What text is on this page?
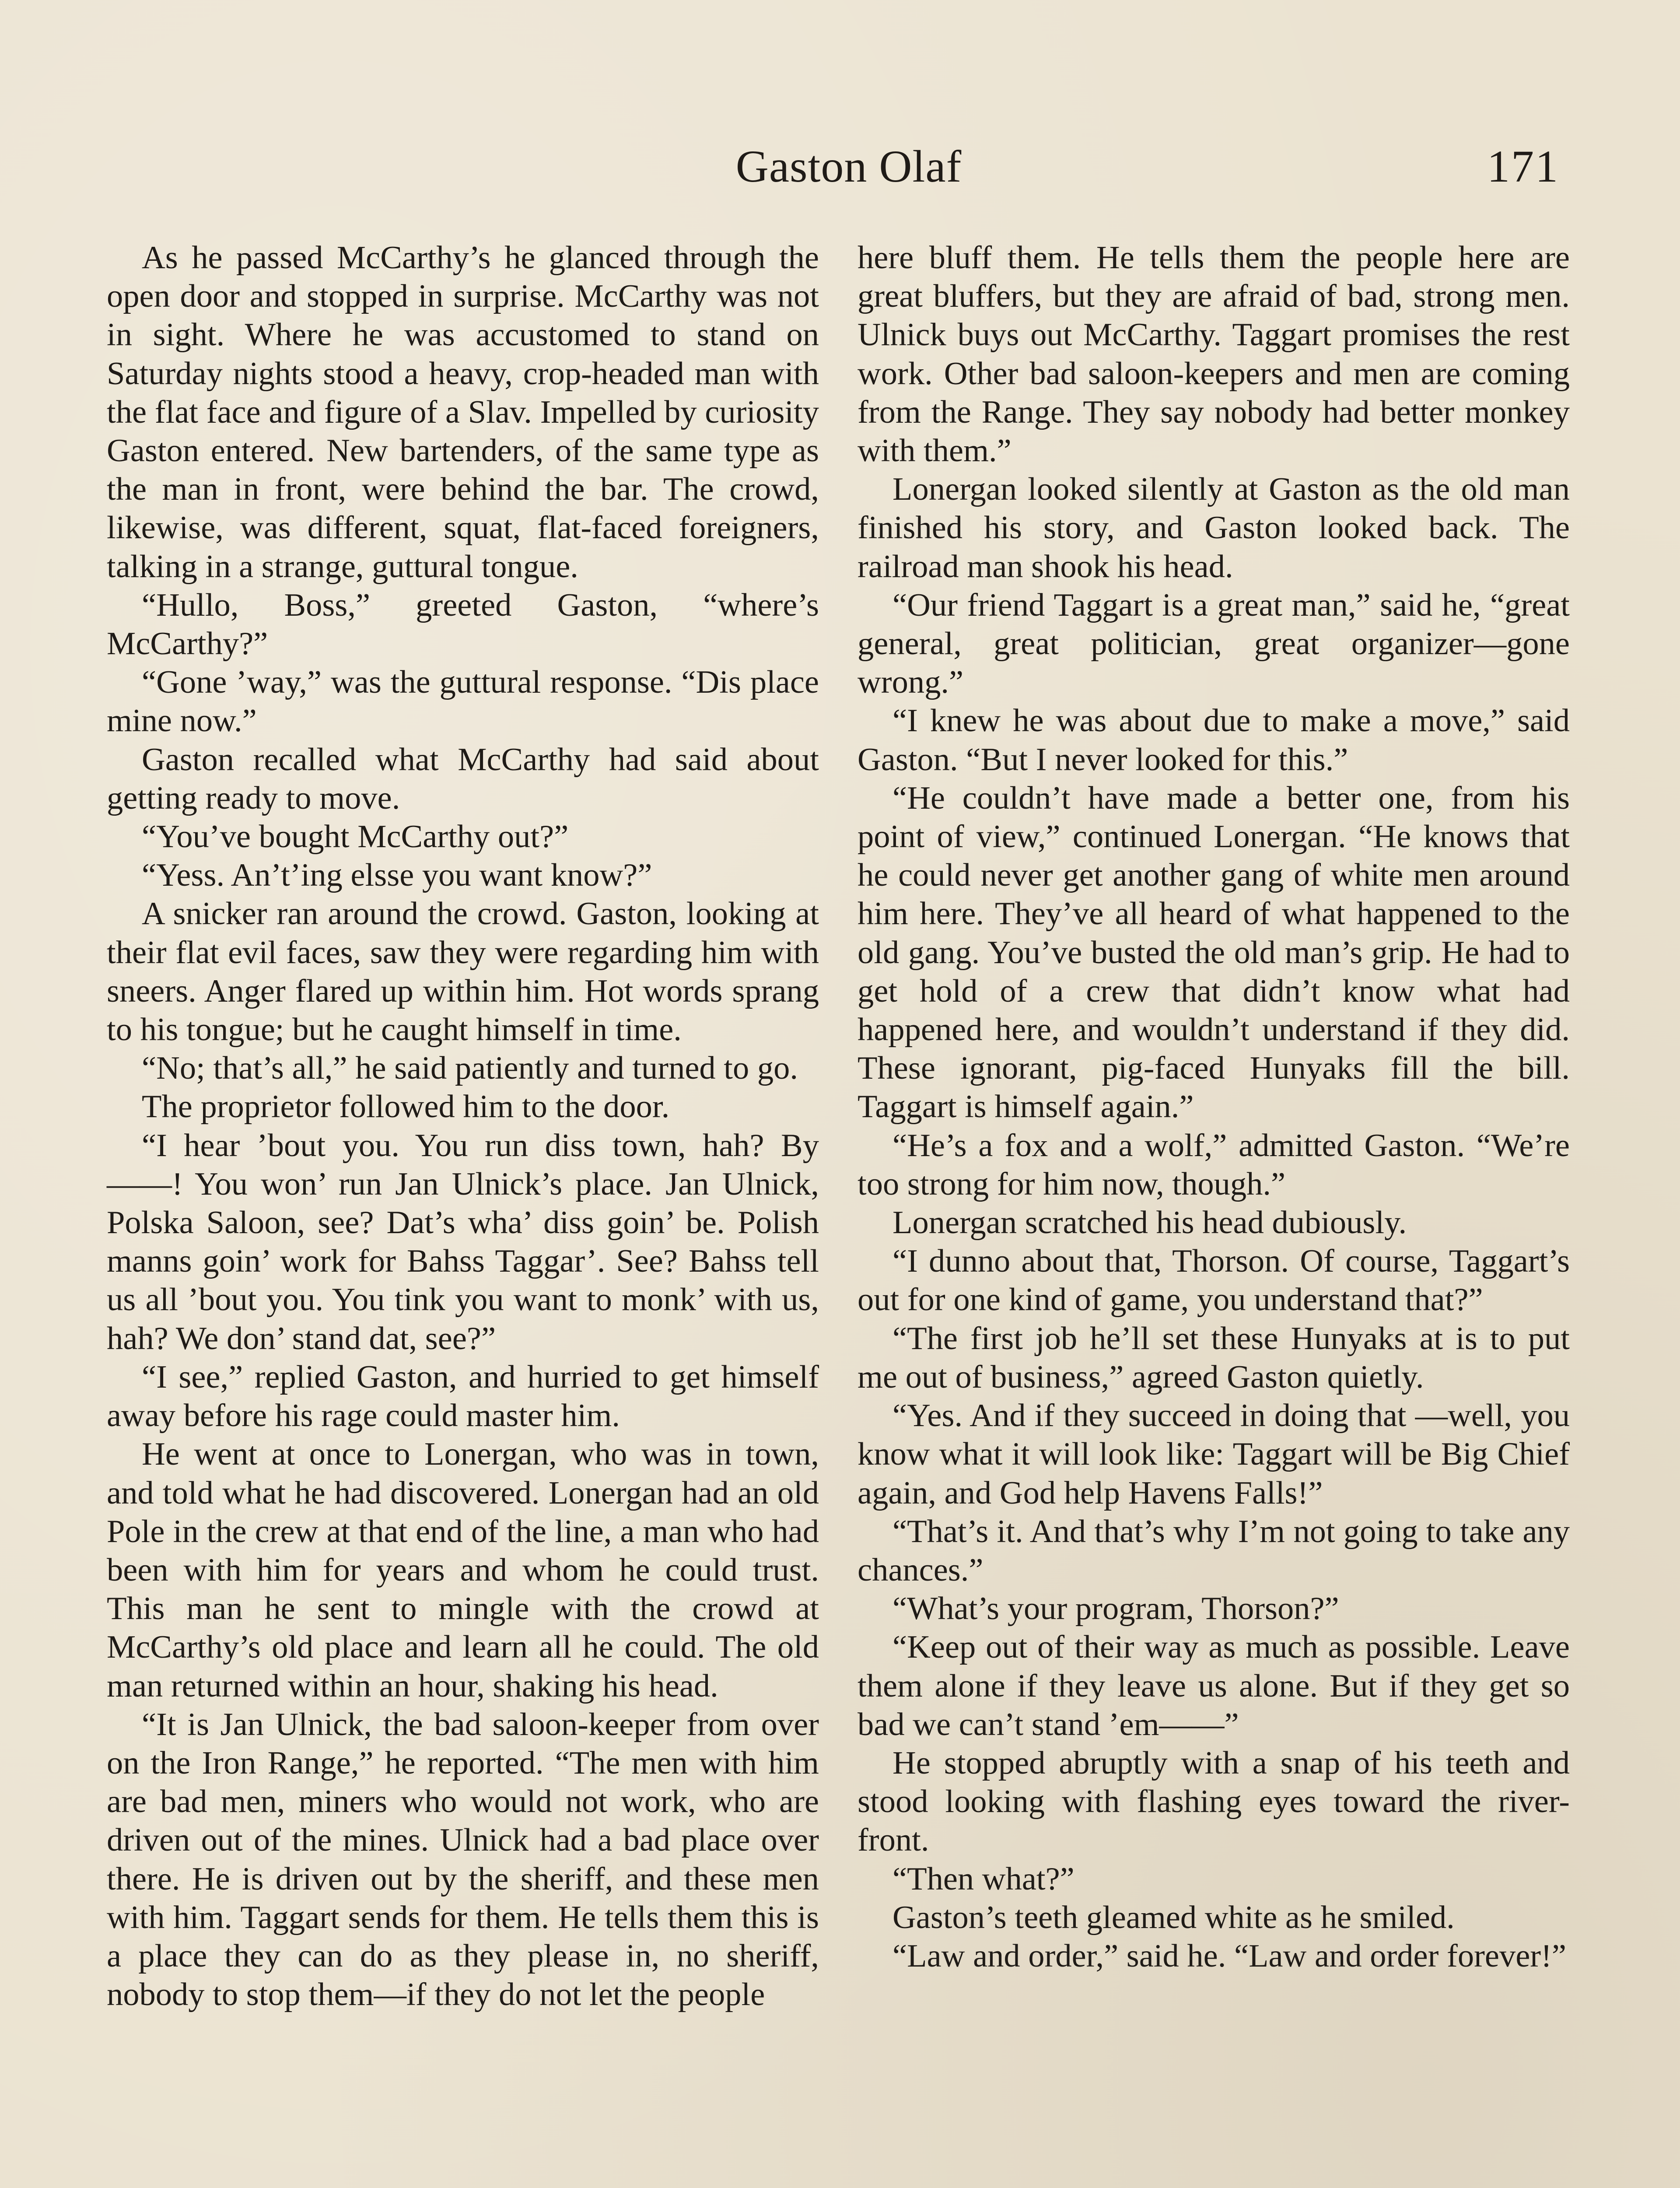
Gaston Olaf	171

As he passed McCarthy’s he glanced through the open door and stopped in surprise. McCarthy was not in sight. Where he was accustomed to stand on Saturday nights stood a heavy, crop-headed man with the flat face and figure of a Slav. Impelled by curiosity Gaston entered. New bartenders, of the same type as the man in front, were behind the bar. The crowd, likewise, was different, squat, flat-faced foreigners, talking in a strange, guttural tongue.

“Hullo, Boss,” greeted Gaston, “where’s McCarthy?”

“Gone ’way,” was the guttural response. “Dis place mine now.”

Gaston recalled what McCarthy had said about getting ready to move.

“You’ve bought McCarthy out?”

“Yess. An’t’ing elsse you want know?”

A snicker ran around the crowd. Gaston, looking at their flat evil faces, saw they were regarding him with sneers. Anger flared up within him. Hot words sprang to his tongue; but he caught himself in time.

“No; that’s all,” he said patiently and turned to go.

The proprietor followed him to the door.

“I hear ’bout you. You run diss town, hah? By ——! You won’ run Jan Ulnick’s place. Jan Ulnick, Polska Saloon, see? Dat’s wha’ diss goin’ be. Polish manns goin’ work for Bahss Taggar’. See? Bahss tell us all ’bout you. You tink you want to monk’ with us, hah? We don’ stand dat, see?”

“I see,” replied Gaston, and hurried to get himself away before his rage could master him.

He went at once to Lonergan, who was in town, and told what he had discovered. Lonergan had an old Pole in the crew at that end of the line, a man who had been with him for years and whom he could trust. This man he sent to mingle with the crowd at McCarthy’s old place and learn all he could. The old man returned within an hour, shaking his head.

“It is Jan Ulnick, the bad saloon-keeper from over on the Iron Range,” he reported. “The men with him are bad men, miners who would not work, who are driven out of the mines. Ulnick had a bad place over there. He is driven out by the sheriff, and these men with him. Taggart sends for them. He tells them this is a place they can do as they please in, no sheriff, nobody to stop them—if they do not let the people

here bluff them. He tells them the people here are great bluffers, but they are afraid of bad, strong men. Ulnick buys out McCarthy. Taggart promises the rest work. Other bad saloon-keepers and men are coming from the Range. They say nobody had better monkey with them.”

Lonergan looked silently at Gaston as the old man finished his story, and Gaston looked back. The railroad man shook his head.

“Our friend Taggart is a great man,” said he, “great general, great politician, great organizer—gone wrong.”

“I knew he was about due to make a move,” said Gaston. “But I never looked for this.”

“He couldn’t have made a better one, from his point of view,” continued Lonergan. “He knows that he could never get another gang of white men around him here. They’ve all heard of what happened to the old gang. You’ve busted the old man’s grip. He had to get hold of a crew that didn’t know what had happened here, and wouldn’t understand if they did. These ignorant, pig-faced Hunyaks fill the bill. Taggart is himself again.”

“He’s a fox and a wolf,” admitted Gaston. “We’re too strong for him now, though.”

Lonergan scratched his head dubiously.

“I dunno about that, Thorson. Of course, Taggart’s out for one kind of game, you understand that?”

“The first job he’ll set these Hunyaks at is to put me out of business,” agreed Gaston quietly.

“Yes. And if they succeed in doing that —well, you know what it will look like: Taggart will be Big Chief again, and God help Havens Falls!”

“That’s it. And that’s why I’m not going to take any chances.”

“What’s your program, Thorson?”

“Keep out of their way as much as possible. Leave them alone if they leave us alone. But if they get so bad we can’t stand ’em——”

He stopped abruptly with a snap of his teeth and stood looking with flashing eyes toward the river-front.

“Then what?”

Gaston’s teeth gleamed white as he smiled.

“Law and order,” said he. “Law and order forever!”
